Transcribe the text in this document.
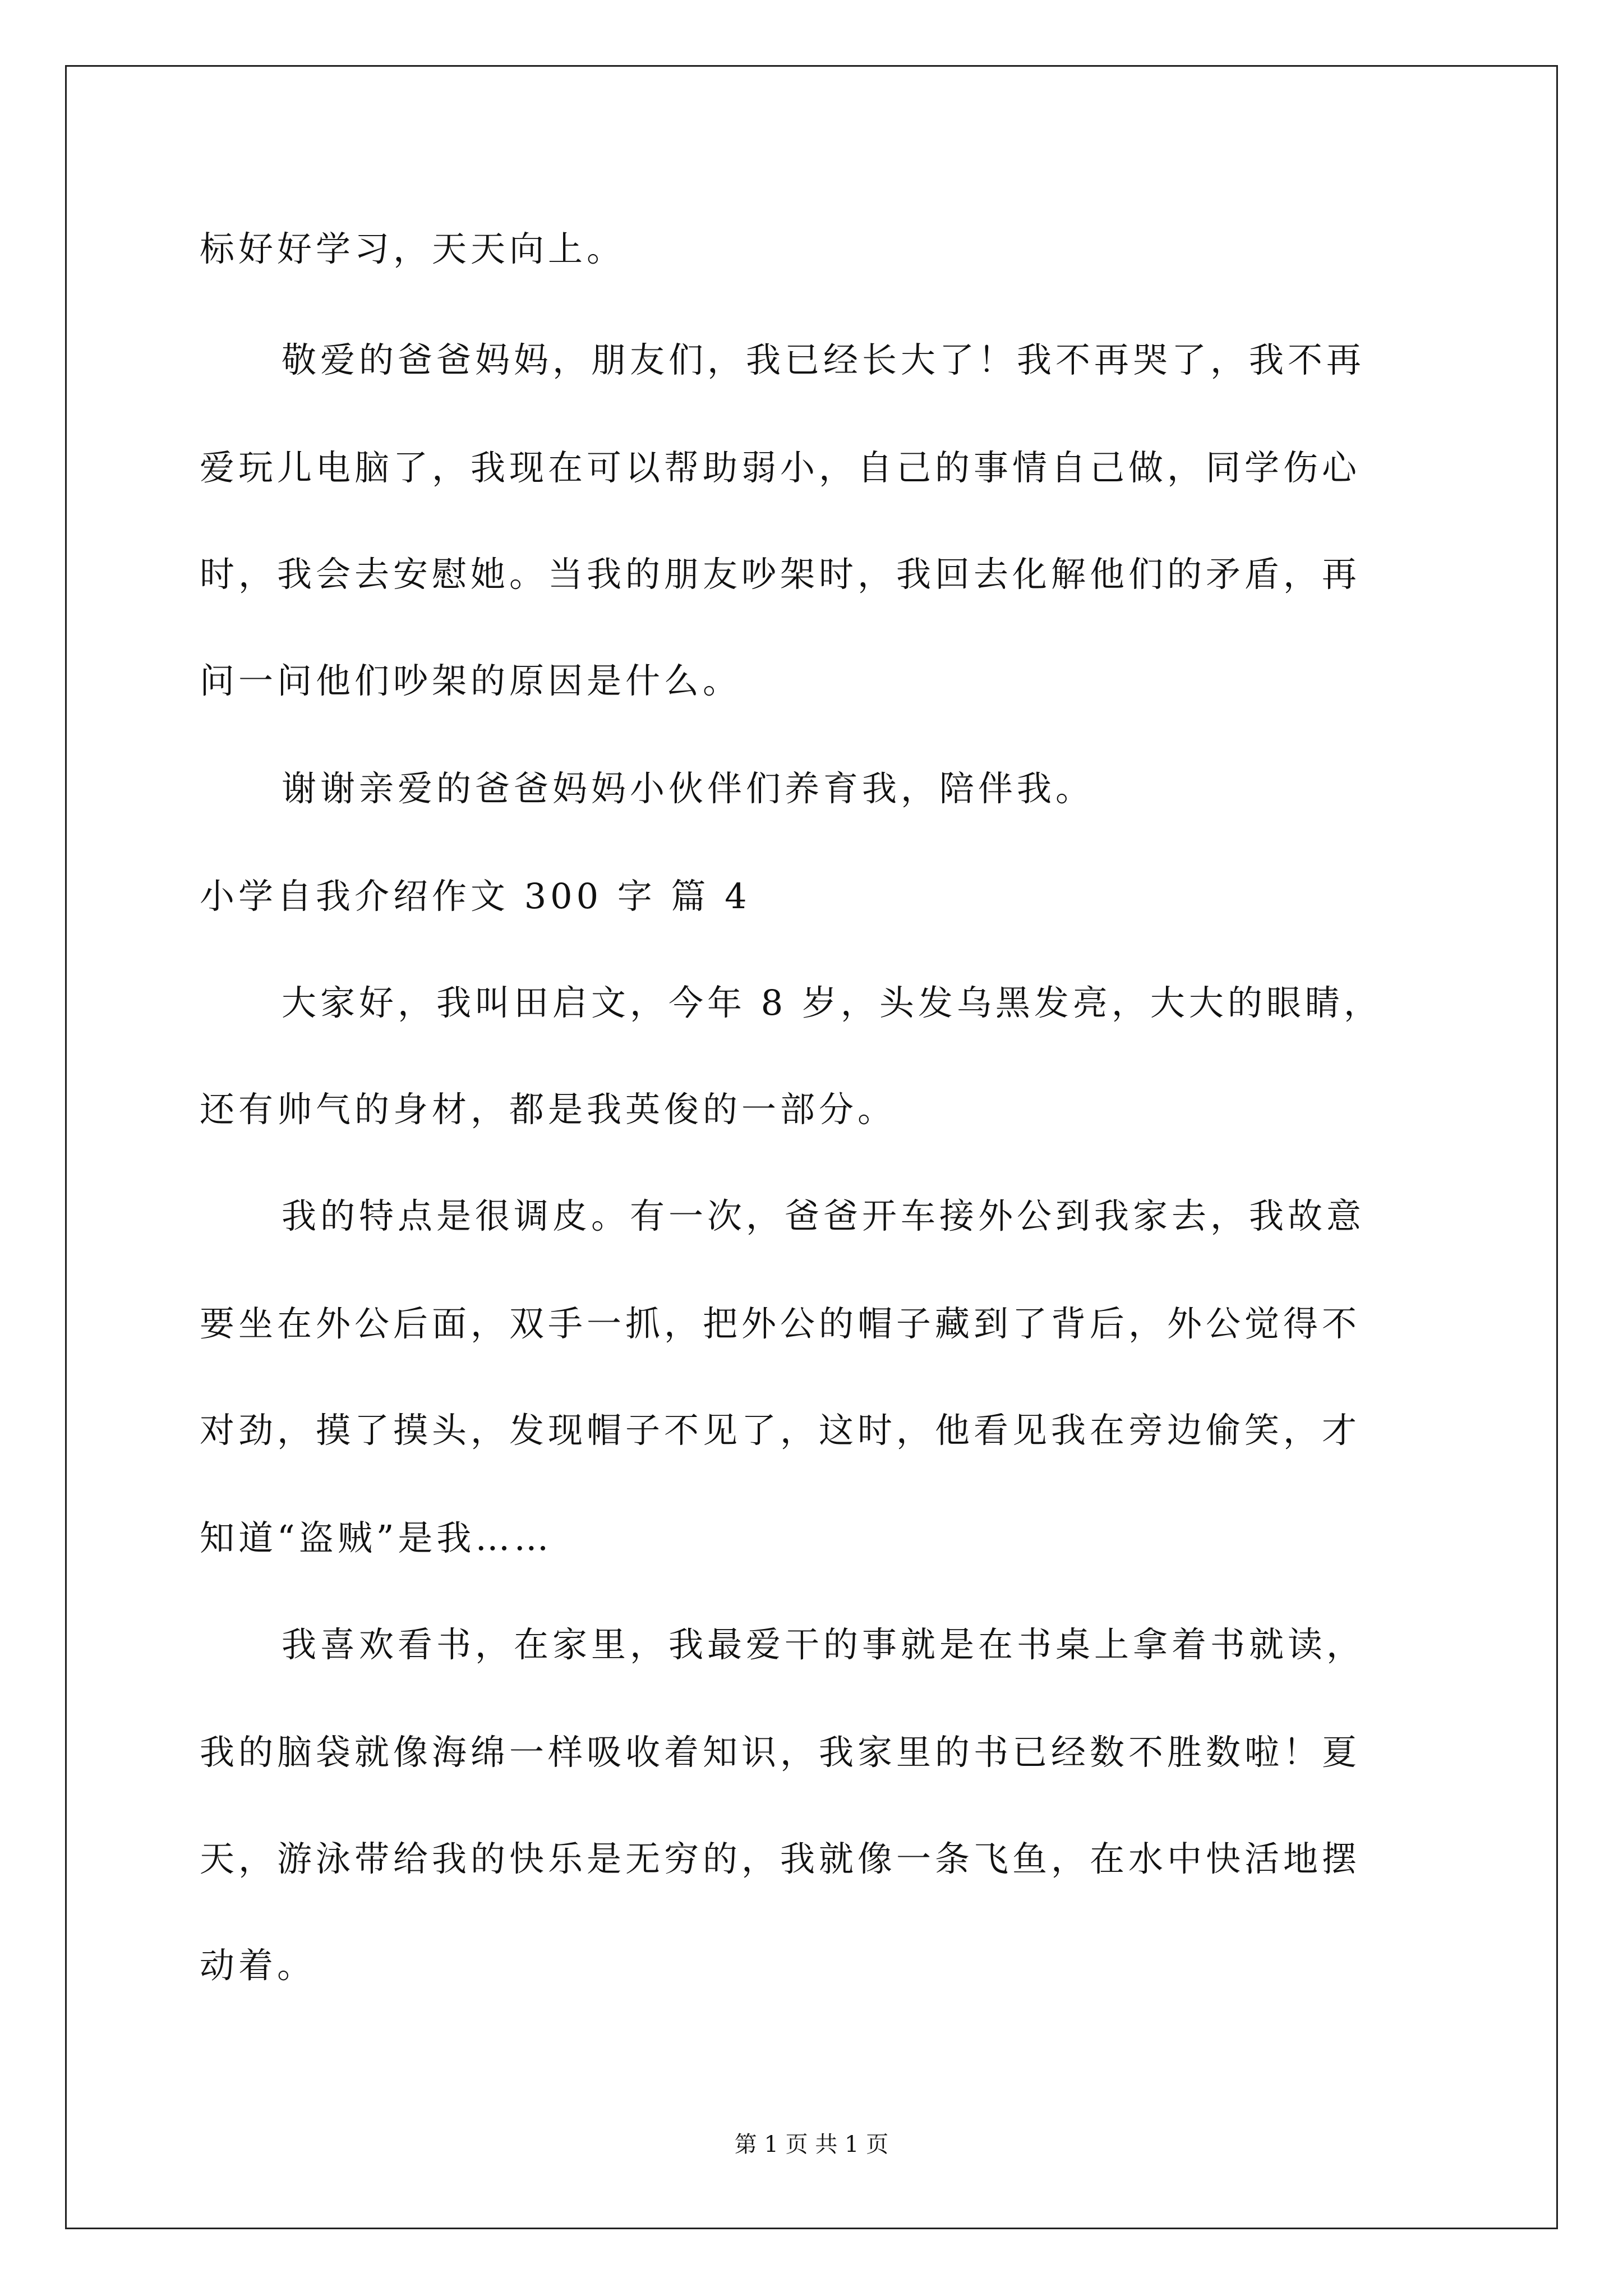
标好好学习，天天向上。
敬爱的爸爸妈妈，朋友们，我已经长大了！我不再哭了，我不再
爱玩儿电脑了，我现在可以帮助弱小，自己的事情自己做，同学伤心
时，我会去安慰她。当我的朋友吵架时，我回去化解他们的矛盾，再
问一问他们吵架的原因是什么。
谢谢亲爱的爸爸妈妈小伙伴们养育我，陪伴我。
小学自我介绍作文 300 字 篇 4
大家好，我叫田启文，今年 8 岁，头发乌黑发亮，大大的眼睛，
还有帅气的身材，都是我英俊的一部分。
我的特点是很调皮。有一次，爸爸开车接外公到我家去，我故意
要坐在外公后面，双手一抓，把外公的帽子藏到了背后，外公觉得不
对劲，摸了摸头，发现帽子不见了，这时，他看见我在旁边偷笑，才
知道“盗贼”是我……
我喜欢看书，在家里，我最爱干的事就是在书桌上拿着书就读，
我的脑袋就像海绵一样吸收着知识，我家里的书已经数不胜数啦！夏
天，游泳带给我的快乐是无穷的，我就像一条飞鱼，在水中快活地摆
动着。
第 1 页 共 1 页
